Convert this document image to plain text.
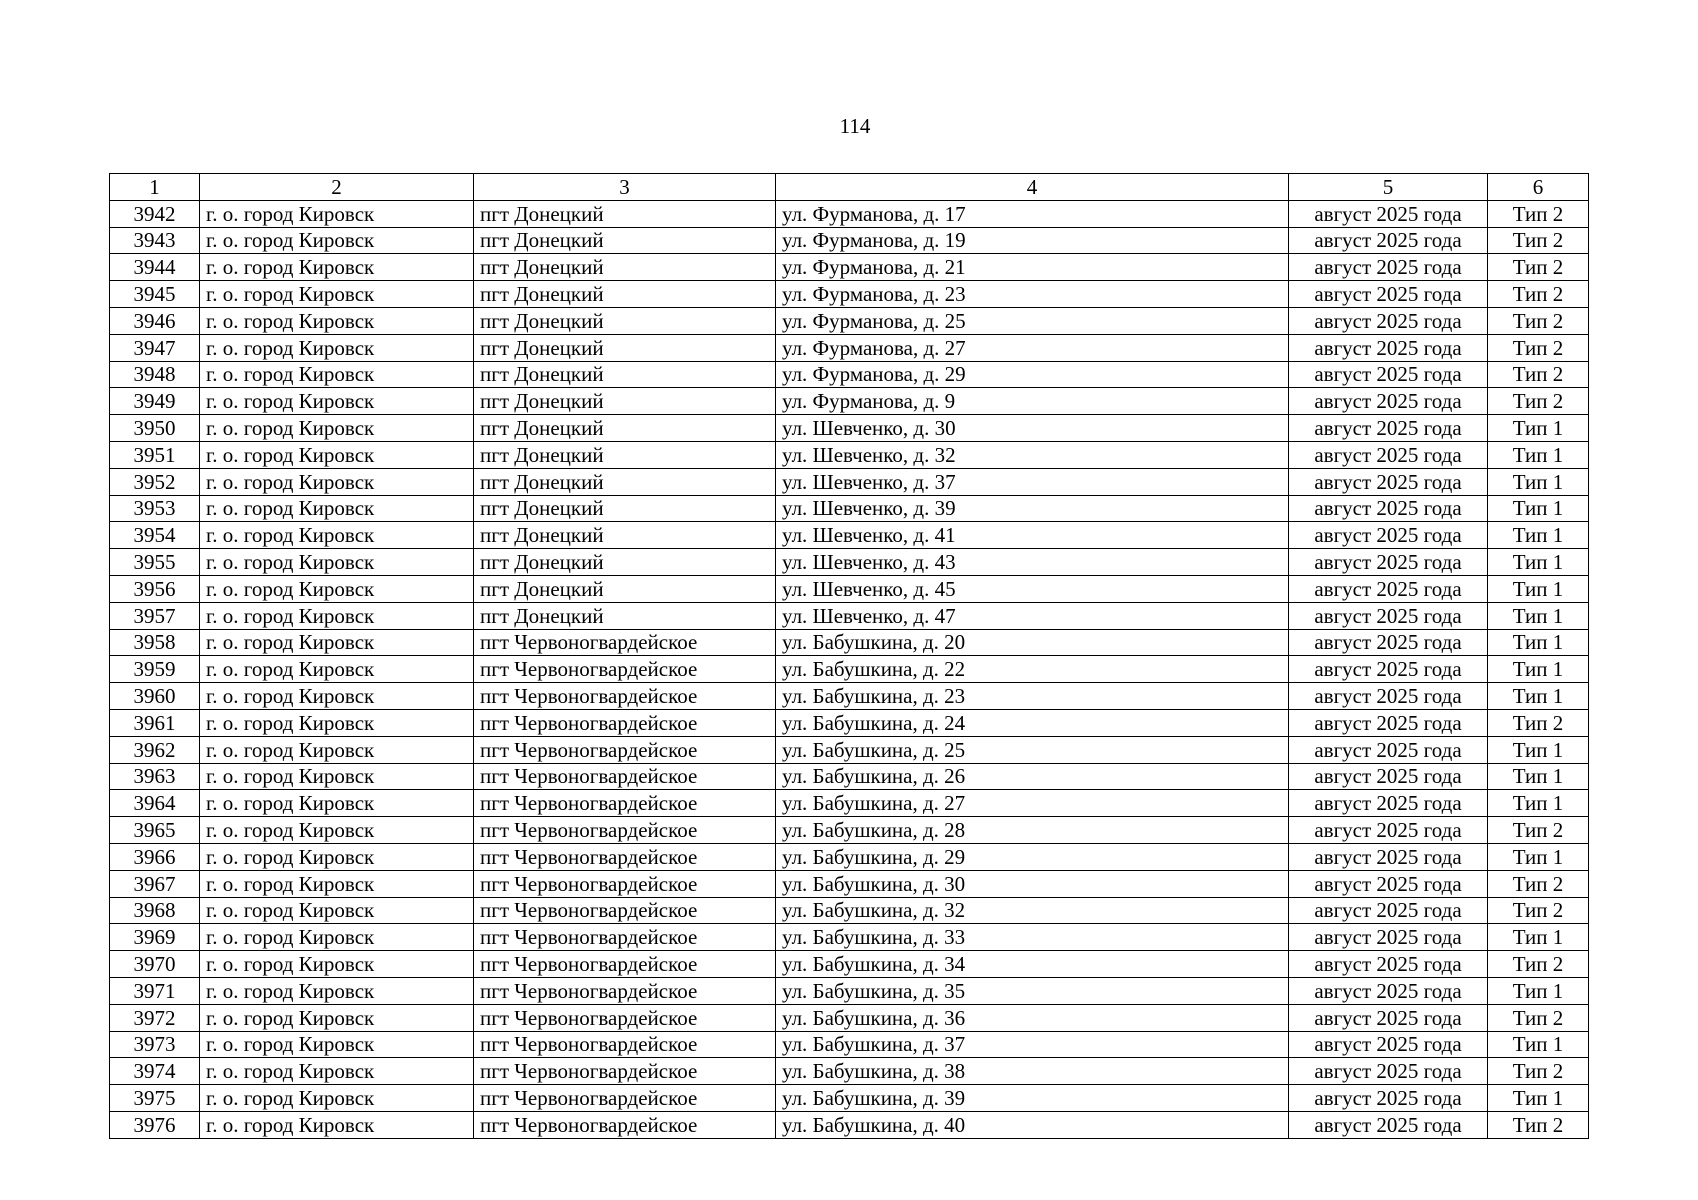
114
1	2	3	4	5	6
3942	г. о. город Кировск	пгт Донецкий	ул. Фурманова, д. 17	август 2025 года	Тип 2
3943	г. о. город Кировск	пгт Донецкий	ул. Фурманова, д. 19	август 2025 года	Тип 2
3944	г. о. город Кировск	пгт Донецкий	ул. Фурманова, д. 21	август 2025 года	Тип 2
3945	г. о. город Кировск	пгт Донецкий	ул. Фурманова, д. 23	август 2025 года	Тип 2
3946	г. о. город Кировск	пгт Донецкий	ул. Фурманова, д. 25	август 2025 года	Тип 2
3947	г. о. город Кировск	пгт Донецкий	ул. Фурманова, д. 27	август 2025 года	Тип 2
3948	г. о. город Кировск	пгт Донецкий	ул. Фурманова, д. 29	август 2025 года	Тип 2
3949	г. о. город Кировск	пгт Донецкий	ул. Фурманова, д. 9	август 2025 года	Тип 2
3950	г. о. город Кировск	пгт Донецкий	ул. Шевченко, д. 30	август 2025 года	Тип 1
3951	г. о. город Кировск	пгт Донецкий	ул. Шевченко, д. 32	август 2025 года	Тип 1
3952	г. о. город Кировск	пгт Донецкий	ул. Шевченко, д. 37	август 2025 года	Тип 1
3953	г. о. город Кировск	пгт Донецкий	ул. Шевченко, д. 39	август 2025 года	Тип 1
3954	г. о. город Кировск	пгт Донецкий	ул. Шевченко, д. 41	август 2025 года	Тип 1
3955	г. о. город Кировск	пгт Донецкий	ул. Шевченко, д. 43	август 2025 года	Тип 1
3956	г. о. город Кировск	пгт Донецкий	ул. Шевченко, д. 45	август 2025 года	Тип 1
3957	г. о. город Кировск	пгт Донецкий	ул. Шевченко, д. 47	август 2025 года	Тип 1
3958	г. о. город Кировск	пгт Червоногвардейское	ул. Бабушкина, д. 20	август 2025 года	Тип 1
3959	г. о. город Кировск	пгт Червоногвардейское	ул. Бабушкина, д. 22	август 2025 года	Тип 1
3960	г. о. город Кировск	пгт Червоногвардейское	ул. Бабушкина, д. 23	август 2025 года	Тип 1
3961	г. о. город Кировск	пгт Червоногвардейское	ул. Бабушкина, д. 24	август 2025 года	Тип 2
3962	г. о. город Кировск	пгт Червоногвардейское	ул. Бабушкина, д. 25	август 2025 года	Тип 1
3963	г. о. город Кировск	пгт Червоногвардейское	ул. Бабушкина, д. 26	август 2025 года	Тип 1
3964	г. о. город Кировск	пгт Червоногвардейское	ул. Бабушкина, д. 27	август 2025 года	Тип 1
3965	г. о. город Кировск	пгт Червоногвардейское	ул. Бабушкина, д. 28	август 2025 года	Тип 2
3966	г. о. город Кировск	пгт Червоногвардейское	ул. Бабушкина, д. 29	август 2025 года	Тип 1
3967	г. о. город Кировск	пгт Червоногвардейское	ул. Бабушкина, д. 30	август 2025 года	Тип 2
3968	г. о. город Кировск	пгт Червоногвардейское	ул. Бабушкина, д. 32	август 2025 года	Тип 2
3969	г. о. город Кировск	пгт Червоногвардейское	ул. Бабушкина, д. 33	август 2025 года	Тип 1
3970	г. о. город Кировск	пгт Червоногвардейское	ул. Бабушкина, д. 34	август 2025 года	Тип 2
3971	г. о. город Кировск	пгт Червоногвардейское	ул. Бабушкина, д. 35	август 2025 года	Тип 1
3972	г. о. город Кировск	пгт Червоногвардейское	ул. Бабушкина, д. 36	август 2025 года	Тип 2
3973	г. о. город Кировск	пгт Червоногвардейское	ул. Бабушкина, д. 37	август 2025 года	Тип 1
3974	г. о. город Кировск	пгт Червоногвардейское	ул. Бабушкина, д. 38	август 2025 года	Тип 2
3975	г. о. город Кировск	пгт Червоногвардейское	ул. Бабушкина, д. 39	август 2025 года	Тип 1
3976	г. о. город Кировск	пгт Червоногвардейское	ул. Бабушкина, д. 40	август 2025 года	Тип 2
